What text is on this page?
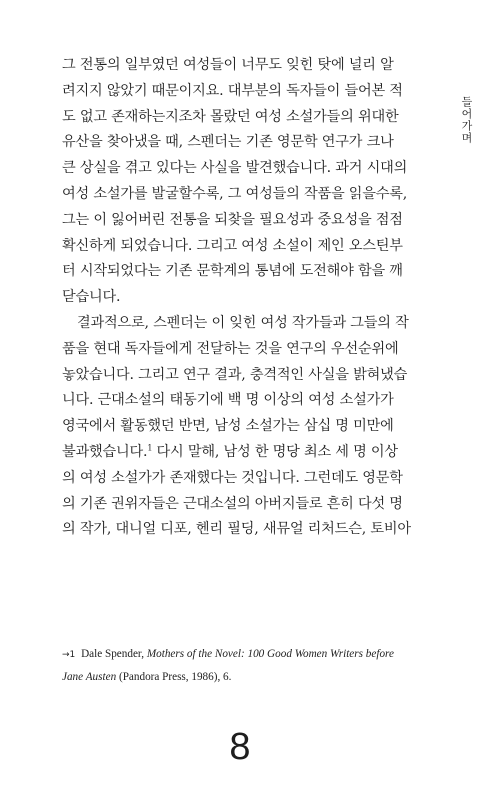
들어가며
그 전통의 일부였던 여성들이 너무도 잊힌 탓에 널리 알
려지지 않았기 때문이지요. 대부분의 독자들이 들어본 적
도 없고 존재하는지조차 몰랐던 여성 소설가들의 위대한
유산을 찾아냈을 때, 스펜더는 기존 영문학 연구가 크나
큰 상실을 겪고 있다는 사실을 발견했습니다. 과거 시대의
여성 소설가를 발굴할수록, 그 여성들의 작품을 읽을수록,
그는 이 잃어버린 전통을 되찾을 필요성과 중요성을 점점
확신하게 되었습니다. 그리고 여성 소설이 제인 오스틴부
터 시작되었다는 기존 문학계의 통념에 도전해야 함을 깨
닫습니다.
결과적으로, 스펜더는 이 잊힌 여성 작가들과 그들의 작
품을 현대 독자들에게 전달하는 것을 연구의 우선순위에
놓았습니다. 그리고 연구 결과, 충격적인 사실을 밝혀냈습
니다. 근대소설의 태동기에 백 명 이상의 여성 소설가가
영국에서 활동했던 반면, 남성 소설가는 삼십 명 미만에
불과했습니다.$^1$ 다시 말해, 남성 한 명당 최소 세 명 이상
의 여성 소설가가 존재했다는 것입니다. 그런데도 영문학
의 기존 권위자들은 근대소설의 아버지들로 흔히 다섯 명
의 작가, 대니얼 디포, 헨리 필딩, 새뮤얼 리처드슨, 토비아
→1 Dale Spender, Mothers of the Novel: 100 Good Women Writers before Jane Austen (Pandora Press, 1986), 6.
8
